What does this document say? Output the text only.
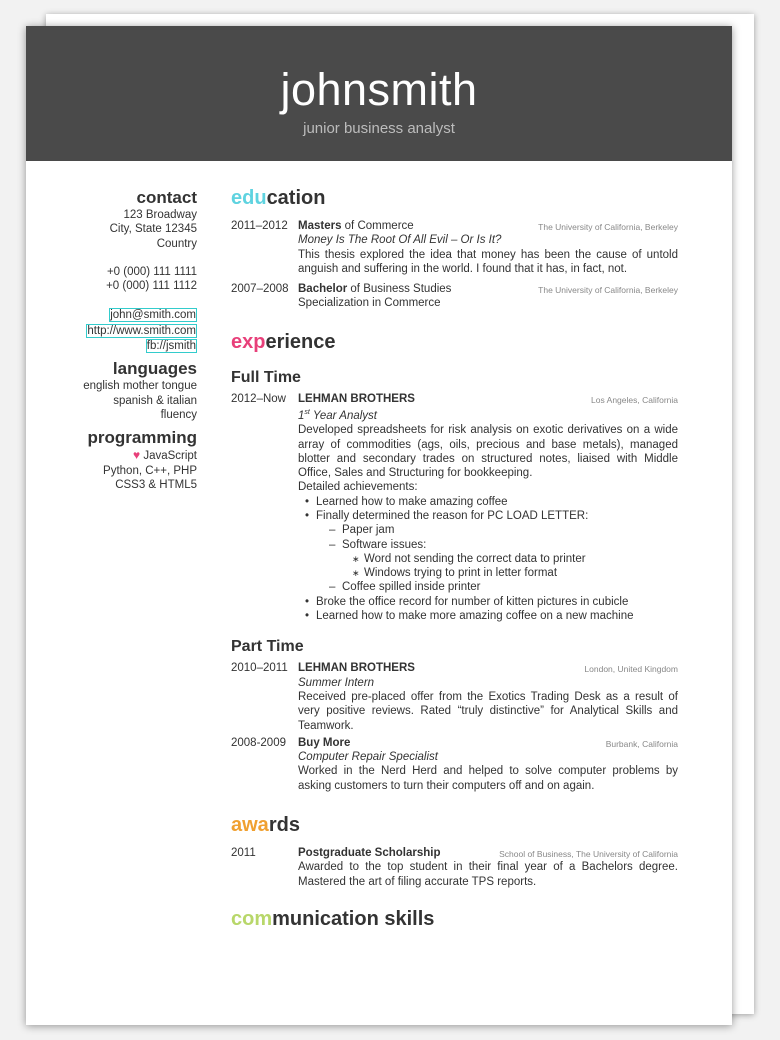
johnsmith
junior business analyst
contact
123 Broadway
City, State 12345
Country
+0 (000) 111 1111
+0 (000) 111 1112
john@smith.com
http://www.smith.com
fb://jsmith
languages
english mother tongue
spanish & italian
fluency
programming
♥ JavaScript
Python, C++, PHP
CSS3 & HTML5
education
2011–2012	The University of California, Berkeley
Masters of Commerce
Money Is The Root Of All Evil – Or Is It?
This thesis explored the idea that money has been the cause of untold anguish and suffering in the world. I found that it has, in fact, not.
2007–2008	The University of California, Berkeley
Bachelor of Business Studies
Specialization in Commerce
experience
Full Time
2012–Now	Los Angeles, California
LEHMAN BROTHERS
1st Year Analyst
Developed spreadsheets for risk analysis on exotic derivatives on a wide array of commodities (ags, oils, precious and base metals), managed blotter and secondary trades on structured notes, liaised with Middle Office, Sales and Structuring for bookkeeping.
Detailed achievements:
• Learned how to make amazing coffee
• Finally determined the reason for PC LOAD LETTER:
– Paper jam
– Software issues:
∗ Word not sending the correct data to printer
∗ Windows trying to print in letter format
– Coffee spilled inside printer
• Broke the office record for number of kitten pictures in cubicle
• Learned how to make more amazing coffee on a new machine
Part Time
2010–2011	London, United Kingdom
LEHMAN BROTHERS
Summer Intern
Received pre-placed offer from the Exotics Trading Desk as a result of very positive reviews. Rated “truly distinctive” for Analytical Skills and Teamwork.
2008-2009	Burbank, California
Buy More
Computer Repair Specialist
Worked in the Nerd Herd and helped to solve computer problems by asking customers to turn their computers off and on again.
awards
2011	School of Business, The University of California
Postgraduate Scholarship
Awarded to the top student in their final year of a Bachelors degree. Mastered the art of filing accurate TPS reports.
communication skills
